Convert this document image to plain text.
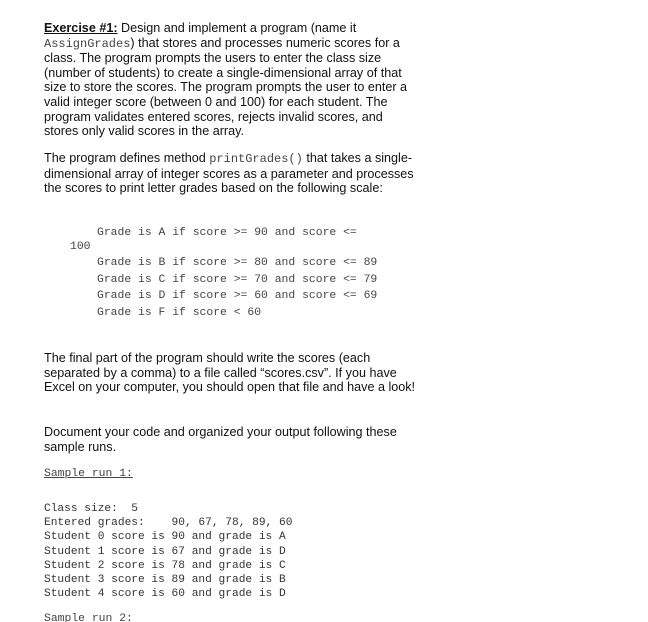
Exercise #1: Design and implement a program (name it AssignGrades) that stores and processes numeric scores for a class. The program prompts the users to enter the class size (number of students) to create a single-dimensional array of that size to store the scores. The program prompts the user to enter a valid integer score (between 0 and 100) for each student. The program validates entered scores, rejects invalid scores, and stores only valid scores in the array.
The program defines method printGrades() that takes a single-dimensional array of integer scores as a parameter and processes the scores to print letter grades based on the following scale:
Grade is A if score >= 90 and score <=
100
Grade is B if score >= 80 and score <= 89
Grade is C if score >= 70 and score <= 79
Grade is D if score >= 60 and score <= 69
Grade is F if score < 60
The final part of the program should write the scores (each separated by a comma) to a file called “scores.csv”. If you have Excel on your computer, you should open that file and have a look!
Document your code and organized your output following these sample runs.
Sample run 1:
Class size:  5
Entered grades:    90, 67, 78, 89, 60
Student 0 score is 90 and grade is A
Student 1 score is 67 and grade is D
Student 2 score is 78 and grade is C
Student 3 score is 89 and grade is B
Student 4 score is 60 and grade is D
Sample run 2:
